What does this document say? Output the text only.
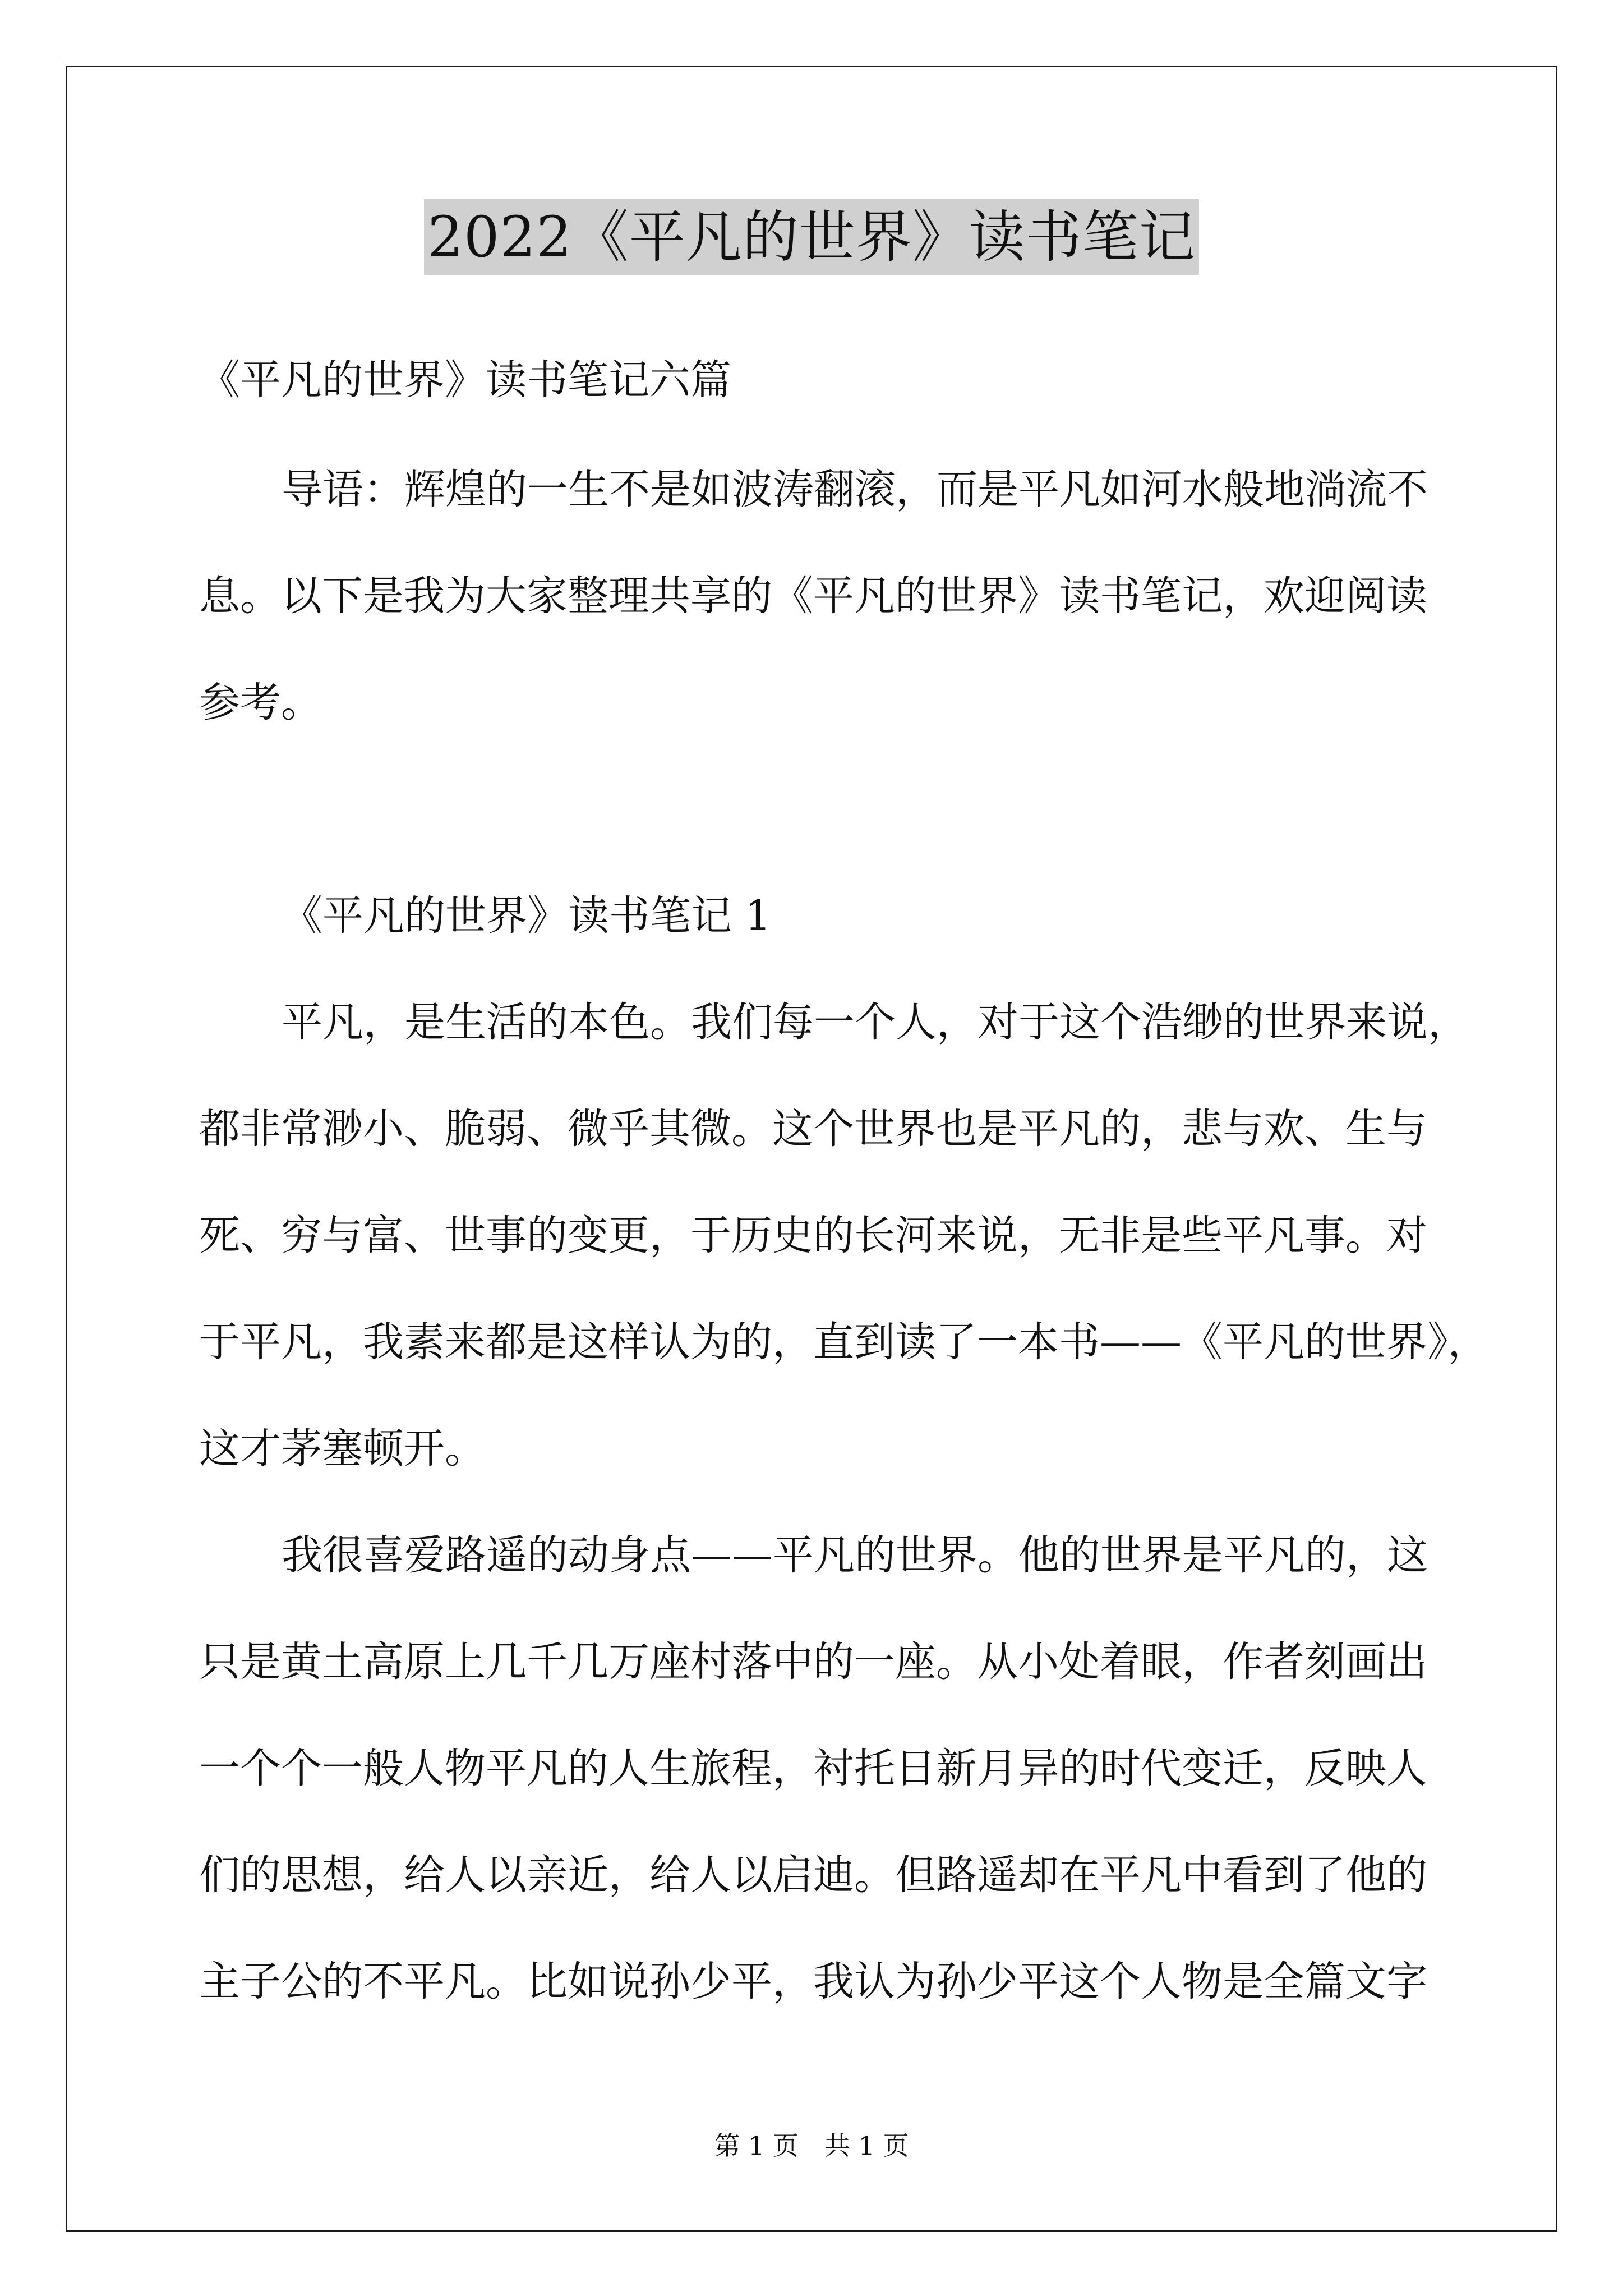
2022《平凡的世界》读书笔记
《平凡的世界》读书笔记六篇
导语：辉煌的一生不是如波涛翻滚，而是平凡如河水般地淌流不
息。以下是我为大家整理共享的《平凡的世界》读书笔记，欢迎阅读
参考。
《平凡的世界》读书笔记 1
平凡，是生活的本色。我们每一个人，对于这个浩缈的世界来说，
都非常渺小、脆弱、微乎其微。这个世界也是平凡的，悲与欢、生与
死、穷与富、世事的变更，于历史的长河来说，无非是些平凡事。对
于平凡，我素来都是这样认为的，直到读了一本书——《平凡的世界》，
这才茅塞顿开。
我很喜爱路遥的动身点——平凡的世界。他的世界是平凡的，这
只是黄土高原上几千几万座村落中的一座。从小处着眼，作者刻画出
一个个一般人物平凡的人生旅程，衬托日新月异的时代变迁，反映人
们的思想，给人以亲近，给人以启迪。但路遥却在平凡中看到了他的
主子公的不平凡。比如说孙少平，我认为孙少平这个人物是全篇文字
第 1 页　共 1 页
